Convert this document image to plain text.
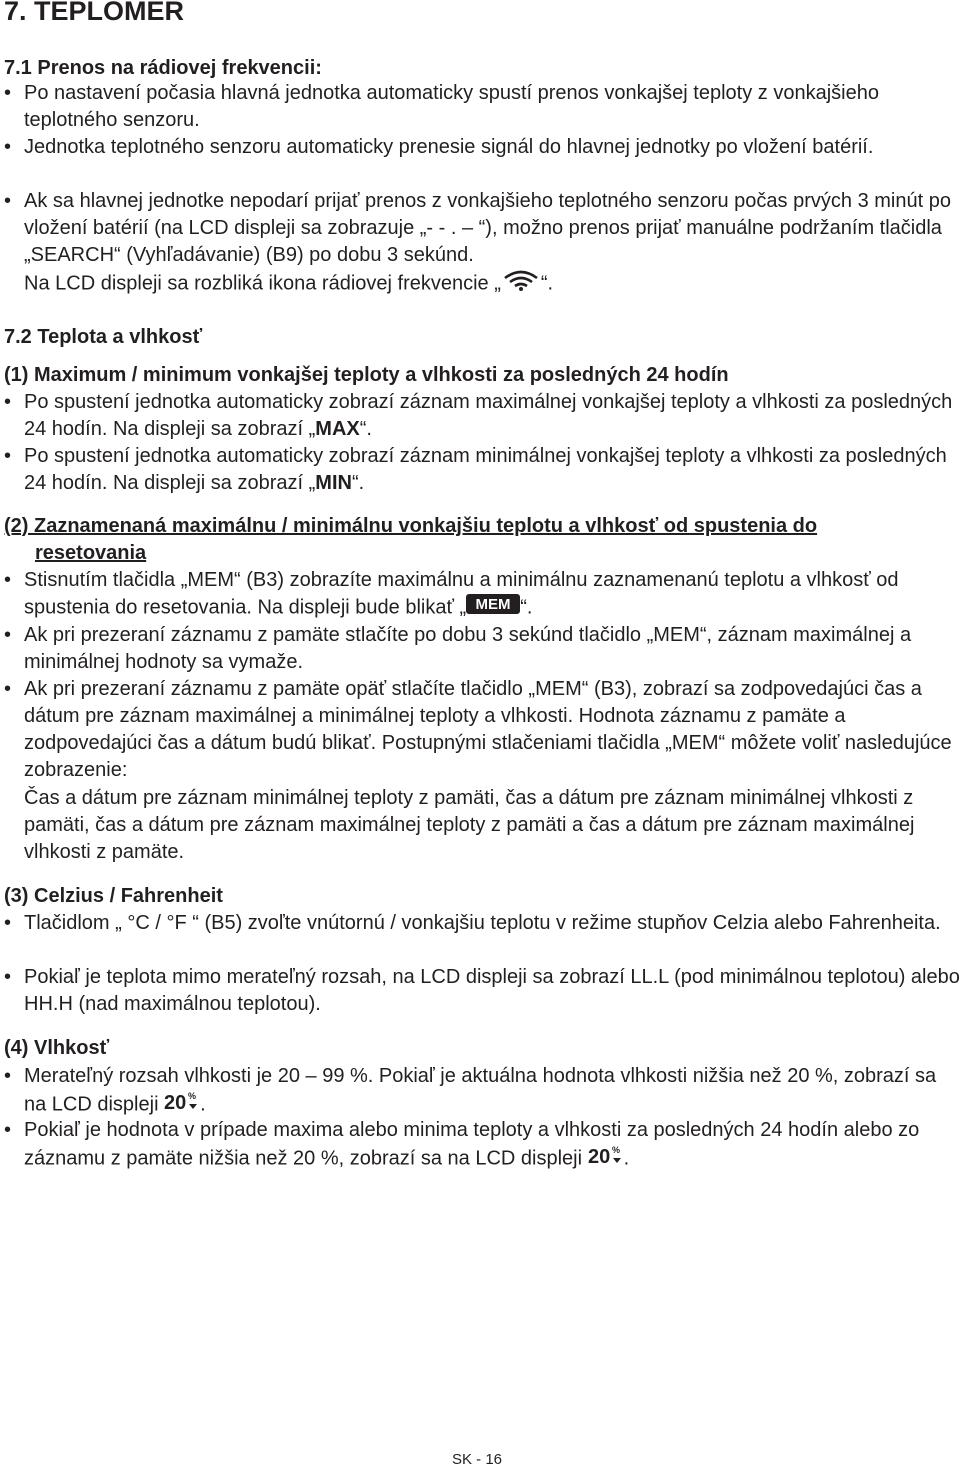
7. TEPLOMER
7.1 Prenos na rádiovej frekvencii:
• Po nastavení počasia hlavná jednotka automaticky spustí prenos vonkajšej teploty z vonkajšieho teplotného senzoru.
• Jednotka teplotného senzoru automaticky prenesie signál do hlavnej jednotky po vložení batérií.
• Ak sa hlavnej jednotke nepodarí prijať prenos z vonkajšieho teplotného senzoru počas prvých 3 minút po vložení batérií (na LCD displeji sa zobrazuje „- - . – “), možno prenos prijať manuálne podržaním tlačidla „SEARCH“ (Vyhľadávanie) (B9) po dobu 3 sekúnd.
Na LCD displeji sa rozbliká ikona rádiovej frekvencie „ “.
7.2 Teplota a vlhkosť
(1) Maximum / minimum vonkajšej teploty a vlhkosti za posledných 24 hodín
• Po spustení jednotka automaticky zobrazí záznam maximálnej vonkajšej teploty a vlhkosti za posledných 24 hodín. Na displeji sa zobrazí „MAX“.
• Po spustení jednotka automaticky zobrazí záznam minimálnej vonkajšej teploty a vlhkosti za posledných 24 hodín. Na displeji sa zobrazí „MIN“.
(2) Zaznamenaná maximálnu / minimálnu vonkajšiu teplotu a vlhkosť od spustenia do
resetovania
• Stisnutím tlačidla „MEM“ (B3) zobrazíte maximálnu a minimálnu zaznamenanú teplotu a vlhkosť od spustenia do resetovania. Na displeji bude blikať „ MEM “.
• Ak pri prezeraní záznamu z pamäte stlačíte po dobu 3 sekúnd tlačidlo „MEM“, záznam maximálnej a minimálnej hodnoty sa vymaže.
• Ak pri prezeraní záznamu z pamäte opäť stlačíte tlačidlo „MEM“ (B3), zobrazí sa zodpovedajúci čas a dátum pre záznam maximálnej a minimálnej teploty a vlhkosti. Hodnota záznamu z pamäte a zodpovedajúci čas a dátum budú blikať. Postupnými stlačeniami tlačidla „MEM“ môžete voliť nasledujúce zobrazenie:
Čas a dátum pre záznam minimálnej teploty z pamäti, čas a dátum pre záznam minimálnej vlhkosti z pamäti, čas a dátum pre záznam maximálnej teploty z pamäti a čas a dátum pre záznam maximálnej vlhkosti z pamäte.
(3) Celzius / Fahrenheit
• Tlačidlom „ °C / °F “ (B5) zvoľte vnútornú / vonkajšiu teplotu v režime stupňov Celzia alebo Fahrenheita.
• Pokiaľ je teplota mimo merateľný rozsah, na LCD displeji sa zobrazí LL.L (pod minimálnou teplotou) alebo HH.H (nad maximálnou teplotou).
(4) Vlhkosť
• Merateľný rozsah vlhkosti je 20 – 99 %. Pokiaľ je aktuálna hodnota vlhkosti nižšia než 20 %, zobrazí sa na LCD displeji 20 % .
• Pokiaľ je hodnota v prípade maxima alebo minima teploty a vlhkosti za posledných 24 hodín alebo zo záznamu z pamäte nižšia než 20 %, zobrazí sa na LCD displeji 20 % .
SK - 16
